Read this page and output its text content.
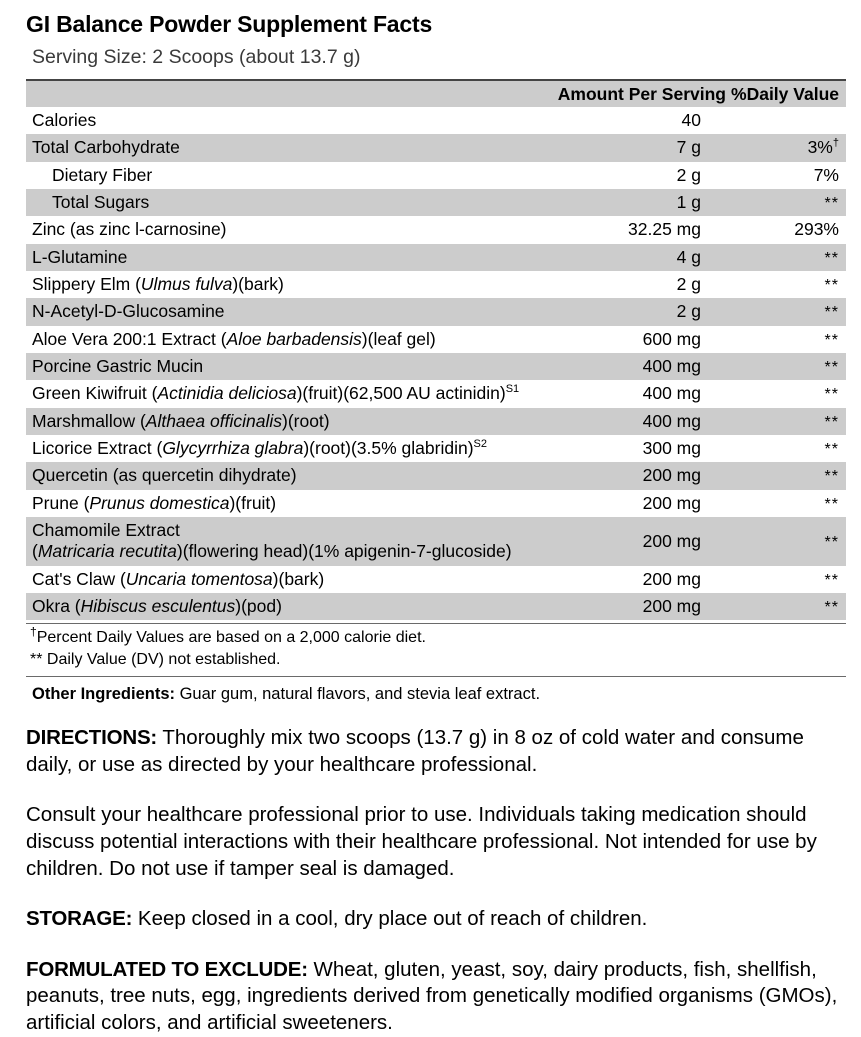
GI Balance Powder Supplement Facts
Serving Size: 2 Scoops (about 13.7 g)
	Amount Per Serving	%Daily Value
Calories	40	
Total Carbohydrate	7 g	3%†
Dietary Fiber	2 g	7%
Total Sugars	1 g	**
Zinc (as zinc l-carnosine)	32.25 mg	293%
L-Glutamine	4 g	**
Slippery Elm (Ulmus fulva)(bark)	2 g	**
N-Acetyl-D-Glucosamine	2 g	**
Aloe Vera 200:1 Extract (Aloe barbadensis)(leaf gel)	600 mg	**
Porcine Gastric Mucin	400 mg	**
Green Kiwifruit (Actinidia deliciosa)(fruit)(62,500 AU actinidin)$^{S1}$	400 mg	**
Marshmallow (Althaea officinalis)(root)	400 mg	**
Licorice Extract (Glycyrrhiza glabra)(root)(3.5% glabridin)$^{S2}$	300 mg	**
Quercetin (as quercetin dihydrate)	200 mg	**
Prune (Prunus domestica)(fruit)	200 mg	**
Chamomile Extract
(Matricaria recutita)(flowering head)(1% apigenin-7-glucoside)	200 mg	**
Cat's Claw (Uncaria tomentosa)(bark)	200 mg	**
Okra (Hibiscus esculentus)(pod)	200 mg	**
†Percent Daily Values are based on a 2,000 calorie diet.
** Daily Value (DV) not established.
Other Ingredients: Guar gum, natural flavors, and stevia leaf extract.
DIRECTIONS: Thoroughly mix two scoops (13.7 g) in 8 oz of cold water and consume daily, or use as directed by your healthcare professional.
Consult your healthcare professional prior to use. Individuals taking medication should discuss potential interactions with their healthcare professional. Not intended for use by children. Do not use if tamper seal is damaged.
STORAGE: Keep closed in a cool, dry place out of reach of children.
FORMULATED TO EXCLUDE: Wheat, gluten, yeast, soy, dairy products, fish, shellfish, peanuts, tree nuts, egg, ingredients derived from genetically modified organisms (GMOs), artificial colors, and artificial sweeteners.
